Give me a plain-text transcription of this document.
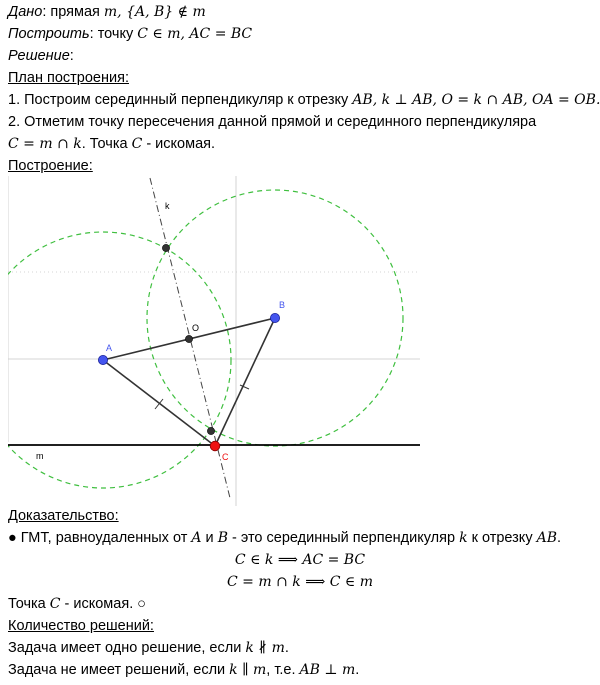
Дано: прямая m, {A, B} ∉ m
Построить: точку C ∈ m, AC = BC
Решение:
План построения:
1. Построим серединный перпендикуляр к отрезку AB, k ⊥ AB, O = k ∩ AB, OA = OB.
2. Отметим точку пересечения данной прямой и серединного перпендикуляра
C = m ∩ k. Точка C - искомая.
Построение:
k
O
A
B
C
m
Доказательство:
● ГМТ, равноудаленных от A и B - это серединный перпендикуляр k к отрезку AB.
C ∈ k ⟹ AC = BC
C = m ∩ k ⟹ C ∈ m
Точка C - искомая. ○
Количество решений:
Задача имеет одно решение, если k ∦ m.
Задача не имеет решений, если k ∥ m, т.е. AB ⊥ m.
